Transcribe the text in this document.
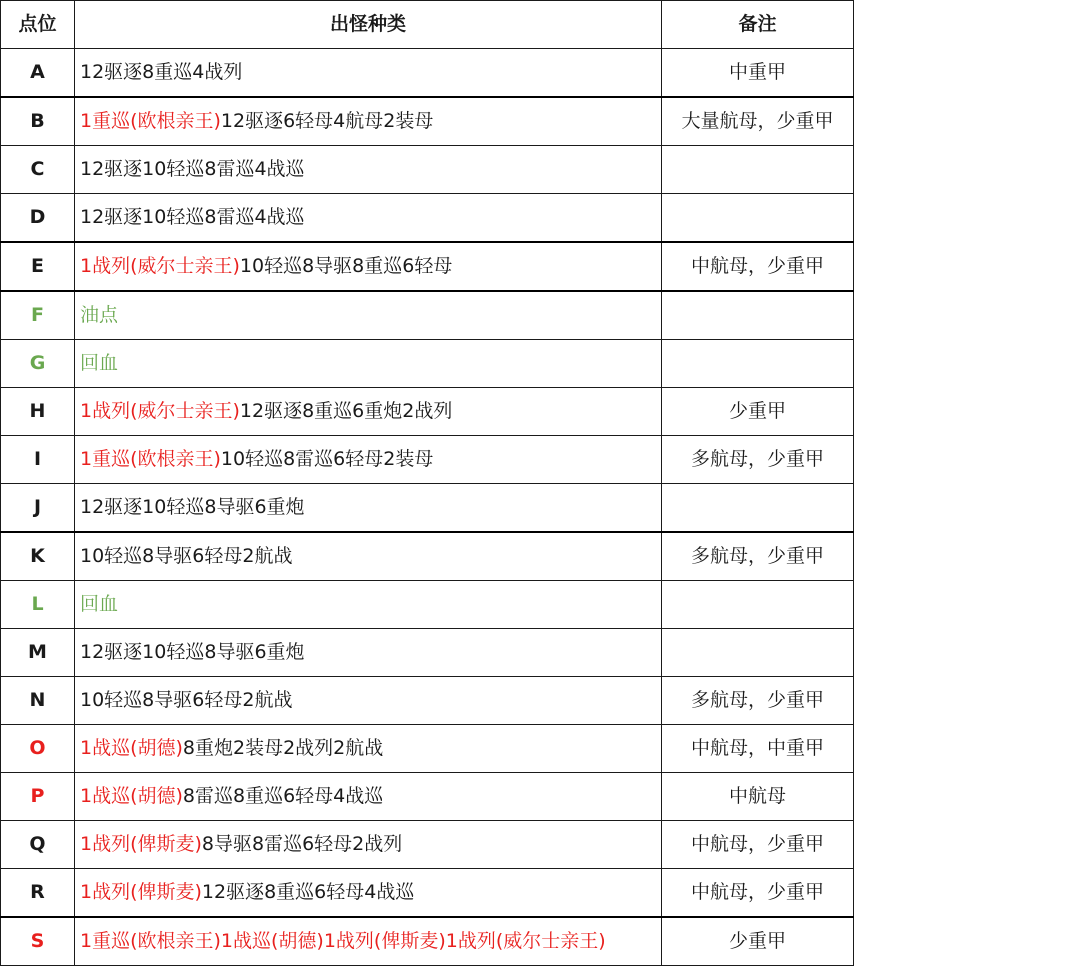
点位	出怪种类	备注
A	12驱逐8重巡4战列	中重甲
B	1重巡(欧根亲王)12驱逐6轻母4航母2装母	大量航母，少重甲
C	12驱逐10轻巡8雷巡4战巡	
D	12驱逐10轻巡8雷巡4战巡	
E	1战列(威尔士亲王)10轻巡8导驱8重巡6轻母	中航母，少重甲
F	油点	
G	回血	
H	1战列(威尔士亲王)12驱逐8重巡6重炮2战列	少重甲
I	1重巡(欧根亲王)10轻巡8雷巡6轻母2装母	多航母，少重甲
J	12驱逐10轻巡8导驱6重炮	
K	10轻巡8导驱6轻母2航战	多航母，少重甲
L	回血	
M	12驱逐10轻巡8导驱6重炮	
N	10轻巡8导驱6轻母2航战	多航母，少重甲
O	1战巡(胡德)8重炮2装母2战列2航战	中航母，中重甲
P	1战巡(胡德)8雷巡8重巡6轻母4战巡	中航母
Q	1战列(俾斯麦)8导驱8雷巡6轻母2战列	中航母，少重甲
R	1战列(俾斯麦)12驱逐8重巡6轻母4战巡	中航母，少重甲
S	1重巡(欧根亲王)1战巡(胡德)1战列(俾斯麦)1战列(威尔士亲王)	少重甲
